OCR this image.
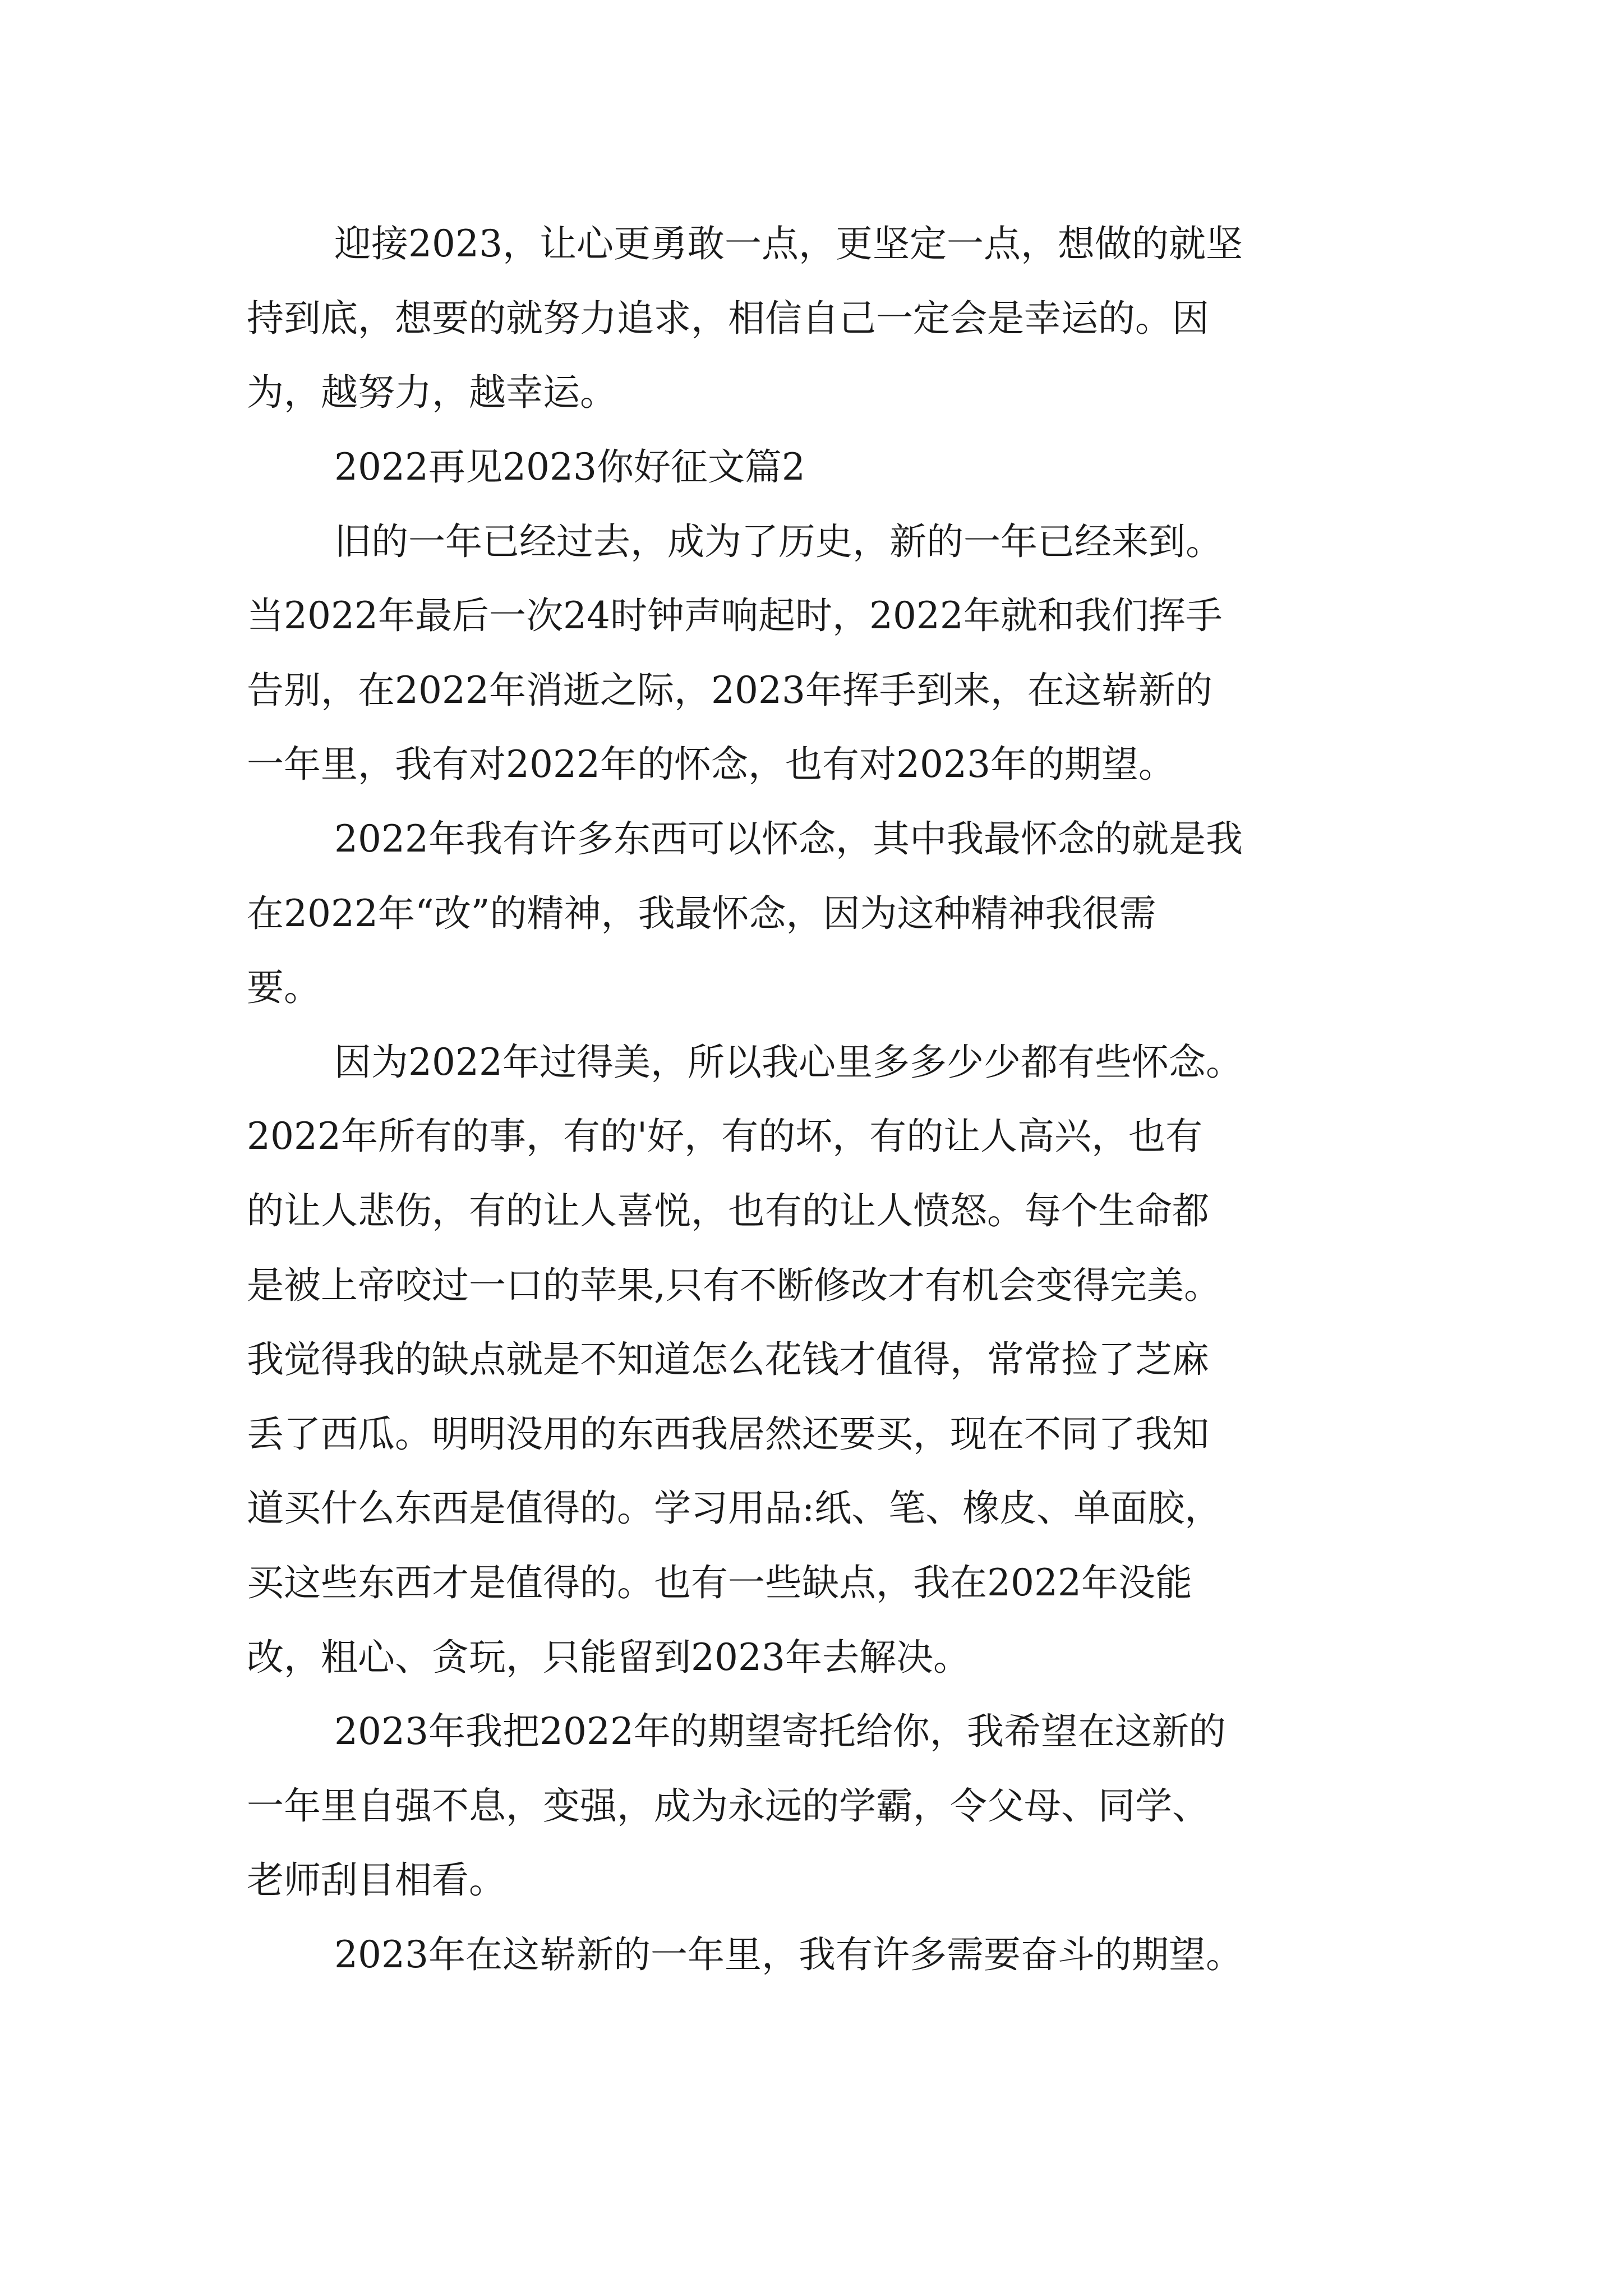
迎接2023，让心更勇敢一点，更坚定一点，想做的就坚

持到底，想要的就努力追求，相信自己一定会是幸运的。因

为，越努力，越幸运。

2022再见2023你好征文篇2

旧的一年已经过去，成为了历史，新的一年已经来到。

当2022年最后一次24时钟声响起时，2022年就和我们挥手

告别，在2022年消逝之际，2023年挥手到来，在这崭新的

一年里，我有对2022年的怀念，也有对2023年的期望。

2022年我有许多东西可以怀念，其中我最怀念的就是我

在2022年“改”的精神，我最怀念，因为这种精神我很需

要。

因为2022年过得美，所以我心里多多少少都有些怀念。

2022年所有的事，有的'好，有的坏，有的让人高兴，也有

的让人悲伤，有的让人喜悦，也有的让人愤怒。每个生命都

是被上帝咬过一口的苹果,只有不断修改才有机会变得完美。

我觉得我的缺点就是不知道怎么花钱才值得，常常捡了芝麻

丢了西瓜。明明没用的东西我居然还要买，现在不同了我知

道买什么东西是值得的。学习用品:纸、笔、橡皮、单面胶，

买这些东西才是值得的。也有一些缺点，我在2022年没能

改，粗心、贪玩，只能留到2023年去解决。

2023年我把2022年的期望寄托给你，我希望在这新的

一年里自强不息，变强，成为永远的学霸，令父母、同学、

老师刮目相看。

2023年在这崭新的一年里，我有许多需要奋斗的期望。
